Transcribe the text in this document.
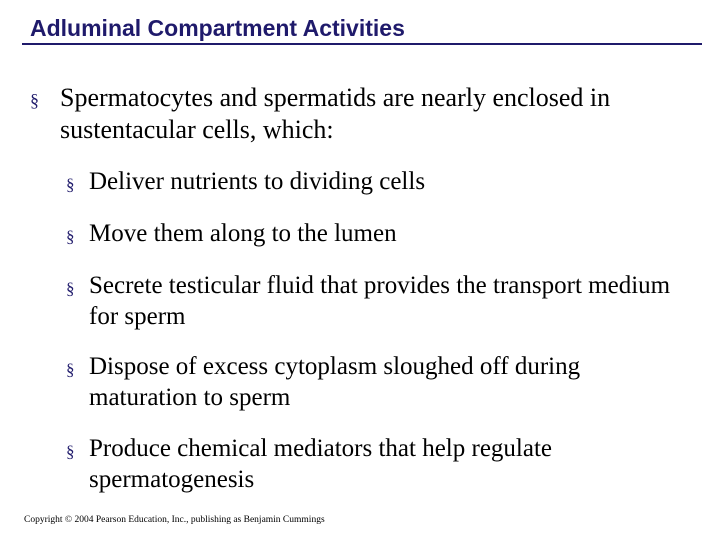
Adluminal Compartment Activities
§ Spermatocytes and spermatids are nearly enclosed in sustentacular cells, which:
§ Deliver nutrients to dividing cells
§ Move them along to the lumen
§ Secrete testicular fluid that provides the transport medium for sperm
§ Dispose of excess cytoplasm sloughed off during maturation to sperm
§ Produce chemical mediators that help regulate spermatogenesis
Copyright © 2004 Pearson Education, Inc., publishing as Benjamin Cummings
